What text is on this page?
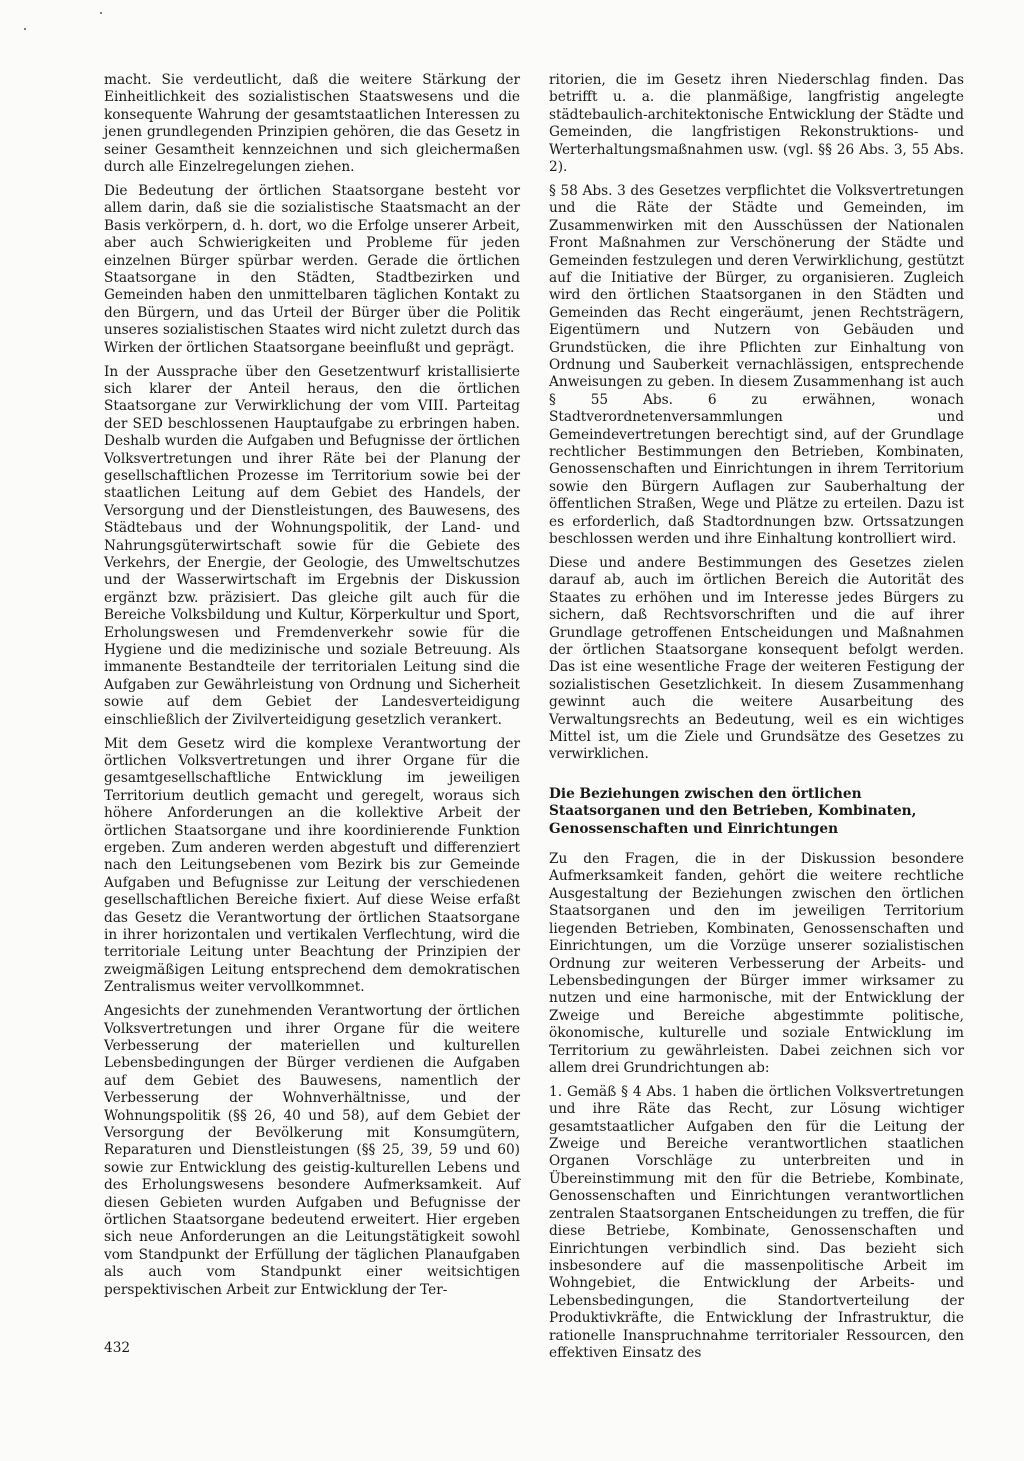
macht. Sie verdeutlicht, daß die weitere Stärkung der Einheitlichkeit des sozialistischen Staatswesens und die konsequente Wahrung der gesamtstaatlichen Interessen zu jenen grundlegenden Prinzipien gehören, die das Gesetz in seiner Gesamtheit kennzeichnen und sich gleichermaßen durch alle Einzelregelungen ziehen.

Die Bedeutung der örtlichen Staatsorgane besteht vor allem darin, daß sie die sozialistische Staatsmacht an der Basis verkörpern, d. h. dort, wo die Erfolge unserer Arbeit, aber auch Schwierigkeiten und Probleme für jeden einzelnen Bürger spürbar werden. Gerade die örtlichen Staatsorgane in den Städten, Stadtbezirken und Gemeinden haben den unmittelbaren täglichen Kontakt zu den Bürgern, und das Urteil der Bürger über die Politik unseres sozialistischen Staates wird nicht zuletzt durch das Wirken der örtlichen Staatsorgane beeinflußt und geprägt.

In der Aussprache über den Gesetzentwurf kristallisierte sich klarer der Anteil heraus, den die örtlichen Staatsorgane zur Verwirklichung der vom VIII. Parteitag der SED beschlossenen Hauptaufgabe zu erbringen haben. Deshalb wurden die Aufgaben und Befugnisse der örtlichen Volksvertretungen und ihrer Räte bei der Planung der gesellschaftlichen Prozesse im Territorium sowie bei der staatlichen Leitung auf dem Gebiet des Handels, der Versorgung und der Dienstleistungen, des Bauwesens, des Städtebaus und der Wohnungspolitik, der Land- und Nahrungsgüterwirtschaft sowie für die Gebiete des Verkehrs, der Energie, der Geologie, des Umweltschutzes und der Wasserwirtschaft im Ergebnis der Diskussion ergänzt bzw. präzisiert. Das gleiche gilt auch für die Bereiche Volksbildung und Kultur, Körperkultur und Sport, Erholungswesen und Fremdenverkehr sowie für die Hygiene und die medizinische und soziale Betreuung. Als immanente Bestandteile der territorialen Leitung sind die Aufgaben zur Gewährleistung von Ordnung und Sicherheit sowie auf dem Gebiet der Landesverteidigung einschließlich der Zivilverteidigung gesetzlich verankert.

Mit dem Gesetz wird die komplexe Verantwortung der örtlichen Volksvertretungen und ihrer Organe für die gesamtgesellschaftliche Entwicklung im jeweiligen Territorium deutlich gemacht und geregelt, woraus sich höhere Anforderungen an die kollektive Arbeit der örtlichen Staatsorgane und ihre koordinierende Funktion ergeben. Zum anderen werden abgestuft und differenziert nach den Leitungsebenen vom Bezirk bis zur Gemeinde Aufgaben und Befugnisse zur Leitung der verschiedenen gesellschaftlichen Bereiche fixiert. Auf diese Weise erfaßt das Gesetz die Verantwortung der örtlichen Staatsorgane in ihrer horizontalen und vertikalen Verflechtung, wird die territoriale Leitung unter Beachtung der Prinzipien der zweigmäßigen Leitung entsprechend dem demokratischen Zentralismus weiter vervollkommnet.

Angesichts der zunehmenden Verantwortung der örtlichen Volksvertretungen und ihrer Organe für die weitere Verbesserung der materiellen und kulturellen Lebensbedingungen der Bürger verdienen die Aufgaben auf dem Gebiet des Bauwesens, namentlich der Verbesserung der Wohnverhältnisse, und der Wohnungspolitik (§§ 26, 40 und 58), auf dem Gebiet der Versorgung der Bevölkerung mit Konsumgütern, Reparaturen und Dienstleistungen (§§ 25, 39, 59 und 60) sowie zur Entwicklung des geistig-kulturellen Lebens und des Erholungswesens besondere Aufmerksamkeit. Auf diesen Gebieten wurden Aufgaben und Befugnisse der örtlichen Staatsorgane bedeutend erweitert. Hier ergeben sich neue Anforderungen an die Leitungstätigkeit sowohl vom Standpunkt der Erfüllung der täglichen Planaufgaben als auch vom Standpunkt einer weitsichtigen perspektivischen Arbeit zur Entwicklung der Ter-

ritorien, die im Gesetz ihren Niederschlag finden. Das betrifft u. a. die planmäßige, langfristig angelegte städtebaulich-architektonische Entwicklung der Städte und Gemeinden, die langfristigen Rekonstruktions- und Werterhaltungsmaßnahmen usw. (vgl. §§ 26 Abs. 3, 55 Abs. 2).

§ 58 Abs. 3 des Gesetzes verpflichtet die Volksvertretungen und die Räte der Städte und Gemeinden, im Zusammenwirken mit den Ausschüssen der Nationalen Front Maßnahmen zur Verschönerung der Städte und Gemeinden festzulegen und deren Verwirklichung, gestützt auf die Initiative der Bürger, zu organisieren. Zugleich wird den örtlichen Staatsorganen in den Städten und Gemeinden das Recht eingeräumt, jenen Rechtsträgern, Eigentümern und Nutzern von Gebäuden und Grundstücken, die ihre Pflichten zur Einhaltung von Ordnung und Sauberkeit vernachlässigen, entsprechende Anweisungen zu geben. In diesem Zusammenhang ist auch § 55 Abs. 6 zu erwähnen, wonach Stadtverordnetenversammlungen und Gemeindevertretungen berechtigt sind, auf der Grundlage rechtlicher Bestimmungen den Betrieben, Kombinaten, Genossenschaften und Einrichtungen in ihrem Territorium sowie den Bürgern Auflagen zur Sauberhaltung der öffentlichen Straßen, Wege und Plätze zu erteilen. Dazu ist es erforderlich, daß Stadtordnungen bzw. Ortssatzungen beschlossen werden und ihre Einhaltung kontrolliert wird.

Diese und andere Bestimmungen des Gesetzes zielen darauf ab, auch im örtlichen Bereich die Autorität des Staates zu erhöhen und im Interesse jedes Bürgers zu sichern, daß Rechtsvorschriften und die auf ihrer Grundlage getroffenen Entscheidungen und Maßnahmen der örtlichen Staatsorgane konsequent befolgt werden. Das ist eine wesentliche Frage der weiteren Festigung der sozialistischen Gesetzlichkeit. In diesem Zusammenhang gewinnt auch die weitere Ausarbeitung des Verwaltungsrechts an Bedeutung, weil es ein wichtiges Mittel ist, um die Ziele und Grundsätze des Gesetzes zu verwirklichen.

Die Beziehungen zwischen den örtlichen Staatsorganen und den Betrieben, Kombinaten, Genossenschaften und Einrichtungen

Zu den Fragen, die in der Diskussion besondere Aufmerksamkeit fanden, gehört die weitere rechtliche Ausgestaltung der Beziehungen zwischen den örtlichen Staatsorganen und den im jeweiligen Territorium liegenden Betrieben, Kombinaten, Genossenschaften und Einrichtungen, um die Vorzüge unserer sozialistischen Ordnung zur weiteren Verbesserung der Arbeits- und Lebensbedingungen der Bürger immer wirksamer zu nutzen und eine harmonische, mit der Entwicklung der Zweige und Bereiche abgestimmte politische, ökonomische, kulturelle und soziale Entwicklung im Territorium zu gewährleisten. Dabei zeichnen sich vor allem drei Grundrichtungen ab:

1. Gemäß § 4 Abs. 1 haben die örtlichen Volksvertretungen und ihre Räte das Recht, zur Lösung wichtiger gesamtstaatlicher Aufgaben den für die Leitung der Zweige und Bereiche verantwortlichen staatlichen Organen Vorschläge zu unterbreiten und in Übereinstimmung mit den für die Betriebe, Kombinate, Genossenschaften und Einrichtungen verantwortlichen zentralen Staatsorganen Entscheidungen zu treffen, die für diese Betriebe, Kombinate, Genossenschaften und Einrichtungen verbindlich sind. Das bezieht sich insbesondere auf die massenpolitische Arbeit im Wohngebiet, die Entwicklung der Arbeits- und Lebensbedingungen, die Standortverteilung der Produktivkräfte, die Entwicklung der Infrastruktur, die rationelle Inanspruchnahme territorialer Ressourcen, den effektiven Einsatz des

432
